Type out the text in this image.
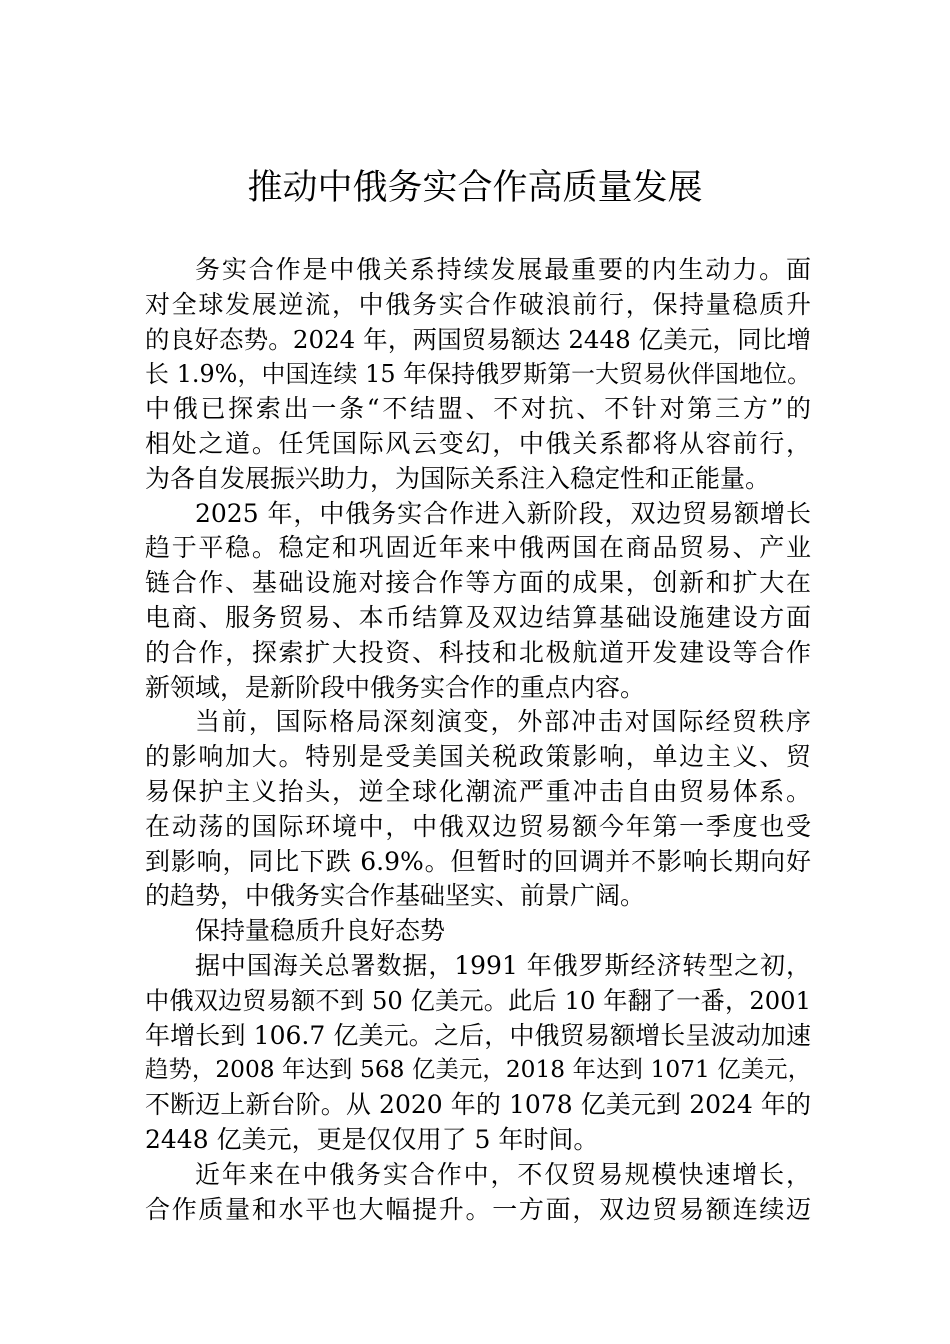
推动中俄务实合作高质量发展
务实合作是中俄关系持续发展最重要的内生动力。面
对全球发展逆流，中俄务实合作破浪前行，保持量稳质升
的良好态势。2024 年，两国贸易额达 2448 亿美元，同比增
长 1.9%，中国连续 15 年保持俄罗斯第一大贸易伙伴国地位。
中俄已探索出一条“不结盟、不对抗、不针对第三方”的
相处之道。任凭国际风云变幻，中俄关系都将从容前行，
为各自发展振兴助力，为国际关系注入稳定性和正能量。
2025 年，中俄务实合作进入新阶段，双边贸易额增长
趋于平稳。稳定和巩固近年来中俄两国在商品贸易、产业
链合作、基础设施对接合作等方面的成果，创新和扩大在
电商、服务贸易、本币结算及双边结算基础设施建设方面
的合作，探索扩大投资、科技和北极航道开发建设等合作
新领域，是新阶段中俄务实合作的重点内容。
当前，国际格局深刻演变，外部冲击对国际经贸秩序
的影响加大。特别是受美国关税政策影响，单边主义、贸
易保护主义抬头，逆全球化潮流严重冲击自由贸易体系。
在动荡的国际环境中，中俄双边贸易额今年第一季度也受
到影响，同比下跌 6.9%。但暂时的回调并不影响长期向好
的趋势，中俄务实合作基础坚实、前景广阔。
保持量稳质升良好态势
据中国海关总署数据，1991 年俄罗斯经济转型之初，
中俄双边贸易额不到 50 亿美元。此后 10 年翻了一番，2001
年增长到 106.7 亿美元。之后，中俄贸易额增长呈波动加速
趋势，2008 年达到 568 亿美元，2018 年达到 1071 亿美元，
不断迈上新台阶。从 2020 年的 1078 亿美元到 2024 年的
2448 亿美元，更是仅仅用了 5 年时间。
近年来在中俄务实合作中，不仅贸易规模快速增长，
合作质量和水平也大幅提升。一方面，双边贸易额连续迈
